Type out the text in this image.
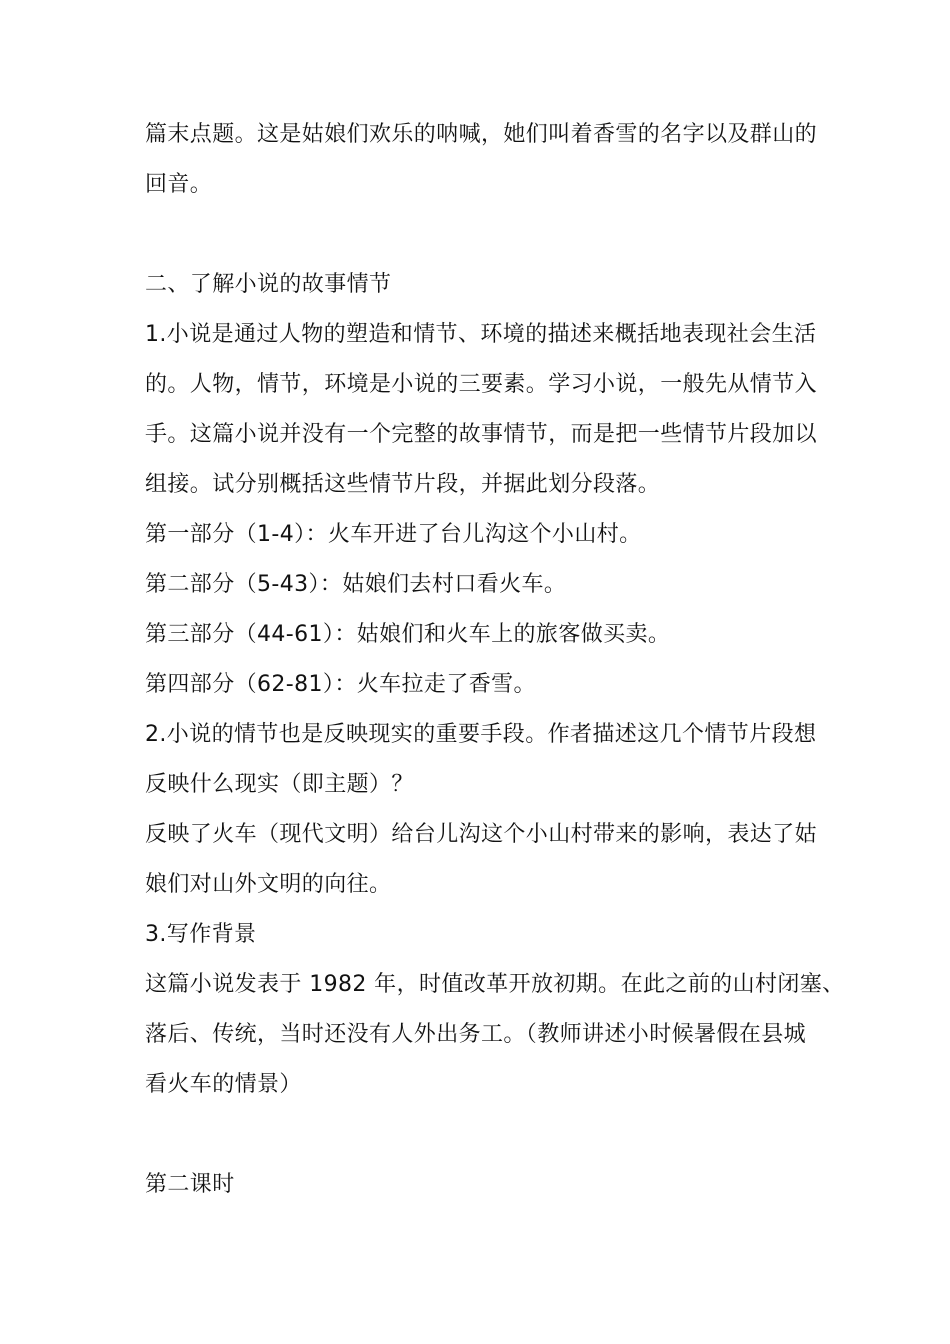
篇末点题。这是姑娘们欢乐的呐喊，她们叫着香雪的名字以及群山的
回音。
二、了解小说的故事情节
1.小说是通过人物的塑造和情节、环境的描述来概括地表现社会生活
的。人物，情节，环境是小说的三要素。学习小说，一般先从情节入
手。这篇小说并没有一个完整的故事情节，而是把一些情节片段加以
组接。试分别概括这些情节片段，并据此划分段落。
第一部分（1-4）：火车开进了台儿沟这个小山村。
第二部分（5-43）：姑娘们去村口看火车。
第三部分（44-61）：姑娘们和火车上的旅客做买卖。
第四部分（62-81）：火车拉走了香雪。
2.小说的情节也是反映现实的重要手段。作者描述这几个情节片段想
反映什么现实（即主题）？
反映了火车（现代文明）给台儿沟这个小山村带来的影响，表达了姑
娘们对山外文明的向往。
3.写作背景
这篇小说发表于 1982 年，时值改革开放初期。在此之前的山村闭塞、
落后、传统，当时还没有人外出务工。（教师讲述小时候暑假在县城
看火车的情景）
第二课时
